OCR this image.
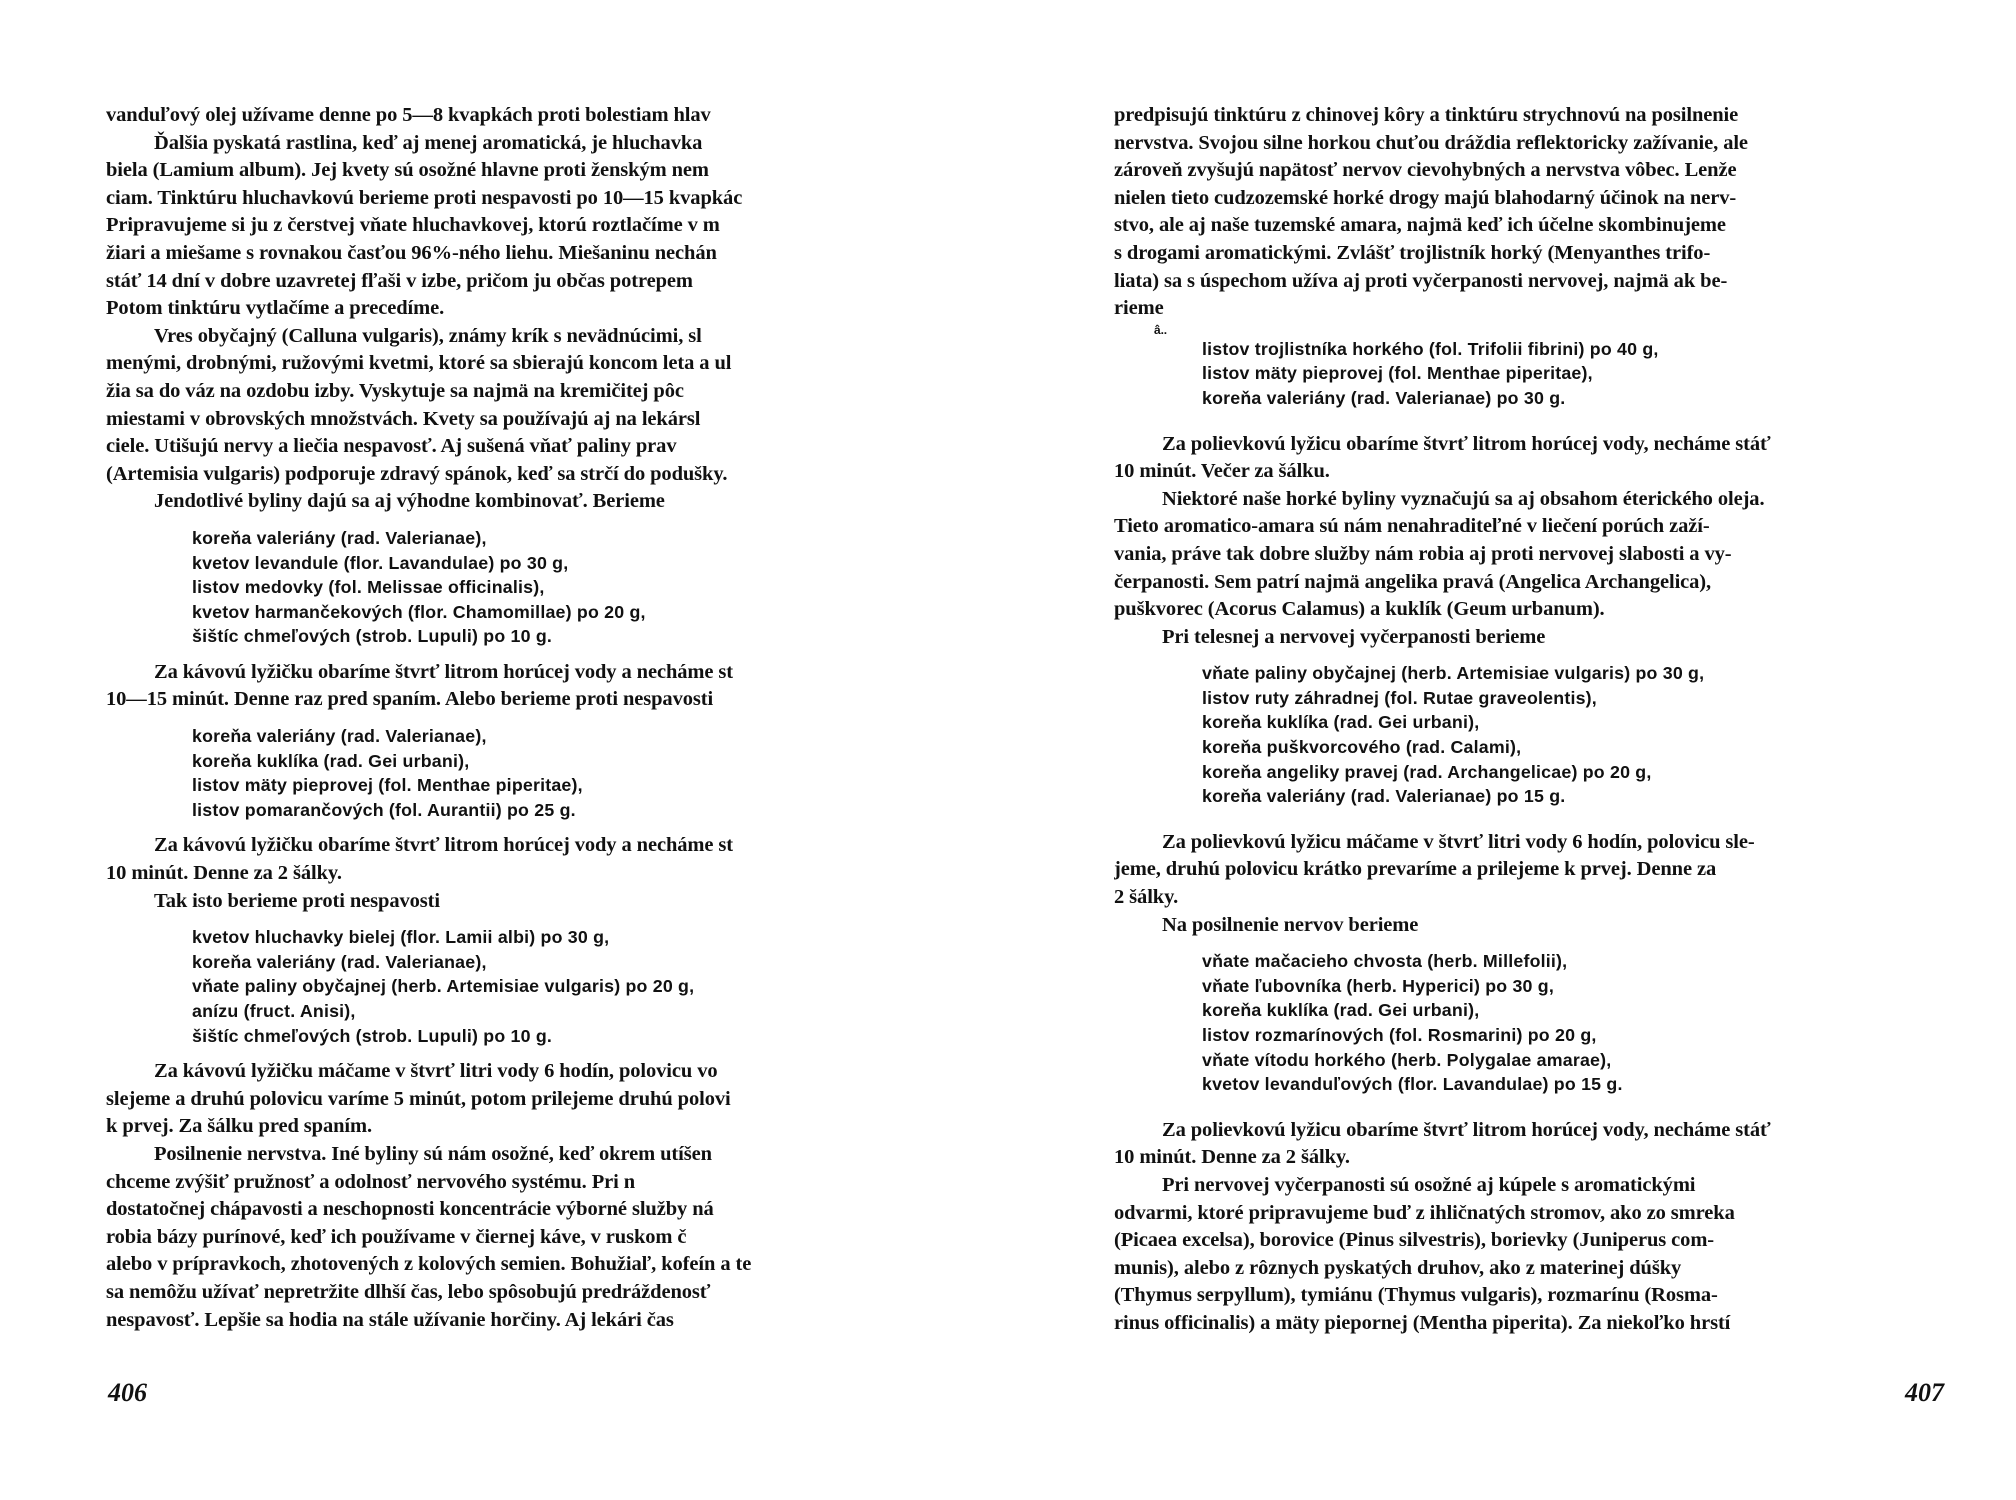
vanduľový olej užívame denne po 5—8 kvapkách proti bolestiam hlav
Ďalšia pyskatá rastlina, keď aj menej aromatická, je hluchavka
biela (Lamium album). Jej kvety sú osožné hlavne proti ženským nem
ciam. Tinktúru hluchavkovú berieme proti nespavosti po 10—15 kvapkác
Pripravujeme si ju z čerstvej vňate hluchavkovej, ktorú roztlačíme v m
žiari a miešame s rovnakou časťou 96%-ného liehu. Miešaninu nechán
stáť 14 dní v dobre uzavretej fľaši v izbe, pričom ju občas potrepem
Potom tinktúru vytlačíme a precedíme.
Vres obyčajný (Calluna vulgaris), známy krík s nevädnúcimi, sl
menými, drobnými, ružovými kvetmi, ktoré sa sbierajú koncom leta a ul
žia sa do váz na ozdobu izby. Vyskytuje sa najmä na kremičitej pôc
miestami v obrovských množstvách. Kvety sa používajú aj na lekársl
ciele. Utišujú nervy a liečia nespavosť. Aj sušená vňať paliny prav
(Artemisia vulgaris) podporuje zdravý spánok, keď sa strčí do podušky.
Jendotlivé byliny dajú sa aj výhodne kombinovať. Berieme
koreňa valeriány (rad. Valerianae),
kvetov levandule (flor. Lavandulae) po 30 g,
listov medovky (fol. Melissae officinalis),
kvetov harmančekových (flor. Chamomillae) po 20 g,
šištíc chmeľových (strob. Lupuli) po 10 g.
Za kávovú lyžičku obaríme štvrť litrom horúcej vody a necháme st
10—15 minút. Denne raz pred spaním. Alebo berieme proti nespavosti
koreňa valeriány (rad. Valerianae),
koreňa kuklíka (rad. Gei urbani),
listov mäty pieprovej (fol. Menthae piperitae),
listov pomarančových (fol. Aurantii) po 25 g.
Za kávovú lyžičku obaríme štvrť litrom horúcej vody a necháme st
10 minút. Denne za 2 šálky.
Tak isto berieme proti nespavosti
kvetov hluchavky bielej (flor. Lamii albi) po 30 g,
koreňa valeriány (rad. Valerianae),
vňate paliny obyčajnej (herb. Artemisiae vulgaris) po 20 g,
anízu (fruct. Anisi),
šištíc chmeľových (strob. Lupuli) po 10 g.
Za kávovú lyžičku máčame v štvrť litri vody 6 hodín, polovicu vo
slejeme a druhú polovicu varíme 5 minút, potom prilejeme druhú polovi
k prvej. Za šálku pred spaním.
Posilnenie nervstva. Iné byliny sú nám osožné, keď okrem utíšen
chceme zvýšiť pružnosť a odolnosť nervového systému. Pri n
dostatočnej chápavosti a neschopnosti koncentrácie výborné služby ná
robia bázy purínové, keď ich používame v čiernej káve, v ruskom č
alebo v prípravkoch, zhotovených z kolových semien. Bohužiaľ, kofeín a te
sa nemôžu užívať nepretržite dlhší čas, lebo spôsobujú predráždenosť
nespavosť. Lepšie sa hodia na stále užívanie horčiny. Aj lekári čas
406
predpisujú tinktúru z chinovej kôry a tinktúru strychnovú na posilnenie
nervstva. Svojou silne horkou chuťou dráždia reflektoricky zažívanie, ale
zároveň zvyšujú napätosť nervov cievohybných a nervstva vôbec. Lenže
nielen tieto cudzozemské horké drogy majú blahodarný účinok na nerv-
stvo, ale aj naše tuzemské amara, najmä keď ich účelne skombinujeme
s drogami aromatickými. Zvlášť trojlistník horký (Menyanthes trifo-
liata) sa s úspechom užíva aj proti vyčerpanosti nervovej, najmä ak be-
rieme
â..
listov trojlistníka horkého (fol. Trifolii fibrini) po 40 g,
listov mäty pieprovej (fol. Menthae piperitae),
koreňa valeriány (rad. Valerianae) po 30 g.
Za polievkovú lyžicu obaríme štvrť litrom horúcej vody, necháme stáť
10 minút. Večer za šálku.
Niektoré naše horké byliny vyznačujú sa aj obsahom éterického oleja.
Tieto aromatico-amara sú nám nenahraditeľné v liečení porúch zaží-
vania, práve tak dobre služby nám robia aj proti nervovej slabosti a vy-
čerpanosti. Sem patrí najmä angelika pravá (Angelica Archangelica),
puškvorec (Acorus Calamus) a kuklík (Geum urbanum).
Pri telesnej a nervovej vyčerpanosti berieme
vňate paliny obyčajnej (herb. Artemisiae vulgaris) po 30 g,
listov ruty záhradnej (fol. Rutae graveolentis),
koreňa kuklíka (rad. Gei urbani),
koreňa puškvorcového (rad. Calami),
koreňa angeliky pravej (rad. Archangelicae) po 20 g,
koreňa valeriány (rad. Valerianae) po 15 g.
Za polievkovú lyžicu máčame v štvrť litri vody 6 hodín, polovicu sle-
jeme, druhú polovicu krátko prevaríme a prilejeme k prvej. Denne za
2 šálky.
Na posilnenie nervov berieme
vňate mačacieho chvosta (herb. Millefolii),
vňate ľubovníka (herb. Hyperici) po 30 g,
koreňa kuklíka (rad. Gei urbani),
listov rozmarínových (fol. Rosmarini) po 20 g,
vňate vítodu horkého (herb. Polygalae amarae),
kvetov levanduľových (flor. Lavandulae) po 15 g.
Za polievkovú lyžicu obaríme štvrť litrom horúcej vody, necháme stáť
10 minút. Denne za 2 šálky.
Pri nervovej vyčerpanosti sú osožné aj kúpele s aromatickými
odvarmi, ktoré pripravujeme buď z ihličnatých stromov, ako zo smreka
(Picaea excelsa), borovice (Pinus silvestris), borievky (Juniperus com-
munis), alebo z rôznych pyskatých druhov, ako z materinej dúšky
(Thymus serpyllum), tymiánu (Thymus vulgaris), rozmarínu (Rosma-
rinus officinalis) a mäty piepornej (Mentha piperita). Za niekoľko hrstí
407
